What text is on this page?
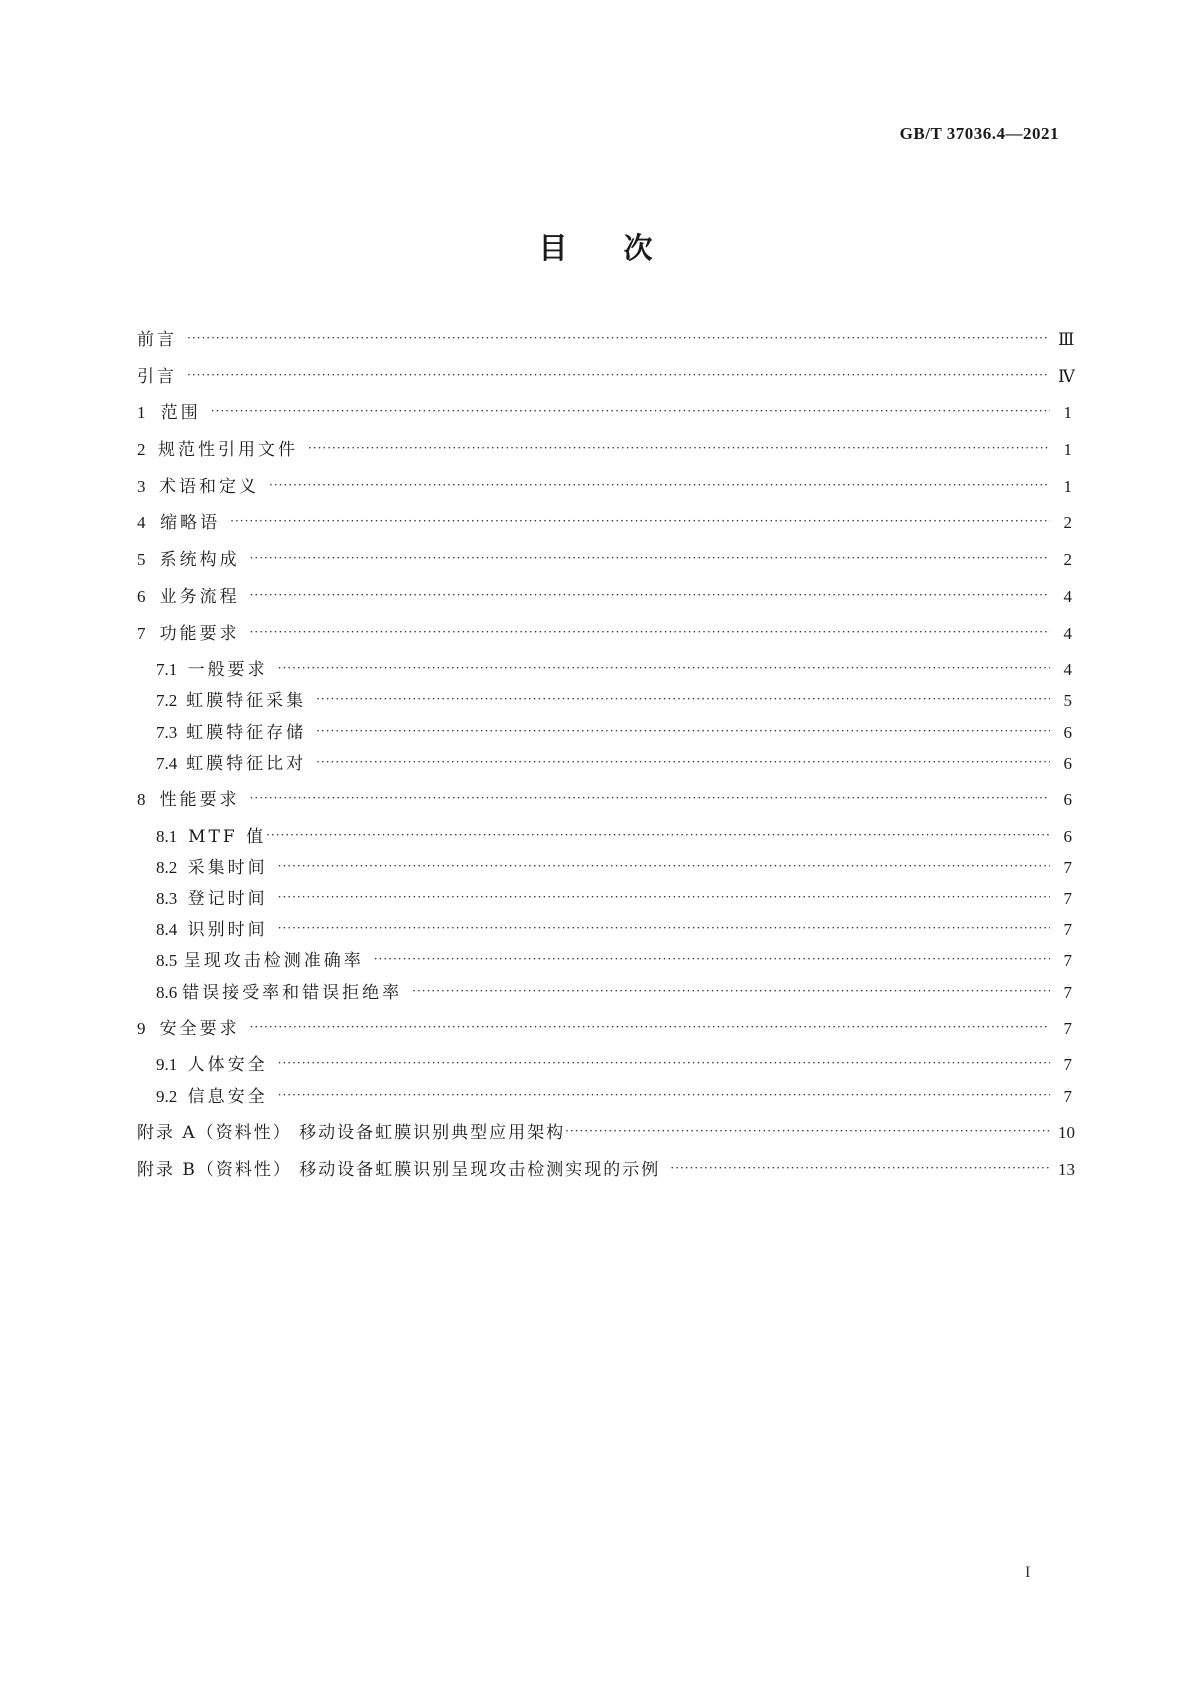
GB/T 37036.4—2021
目次
前言 ·····	Ⅲ
引言 ·····	Ⅳ
1 范围 ·····	1
2 规范性引用文件 ·····	1
3 术语和定义 ·····	1
4 缩略语 ·····	2
5 系统构成 ·····	2
6 业务流程 ·····	4
7 功能要求 ·····	4
7.1 一般要求 ·····	4
7.2 虹膜特征采集 ·····	5
7.3 虹膜特征存储 ·····	6
7.4 虹膜特征比对 ·····	6
8 性能要求 ·····	6
8.1 MTF 值 ·····	6
8.2 采集时间 ·····	7
8.3 登记时间 ·····	7
8.4 识别时间 ·····	7
8.5 呈现攻击检测准确率 ·····	7
8.6 错误接受率和错误拒绝率 ·····	7
9 安全要求 ·····	7
9.1 人体安全 ·····	7
9.2 信息安全 ·····	7
附录 A（资料性） 移动设备虹膜识别典型应用架构 ·····	10
附录 B（资料性） 移动设备虹膜识别呈现攻击检测实现的示例 ·····	13
I
